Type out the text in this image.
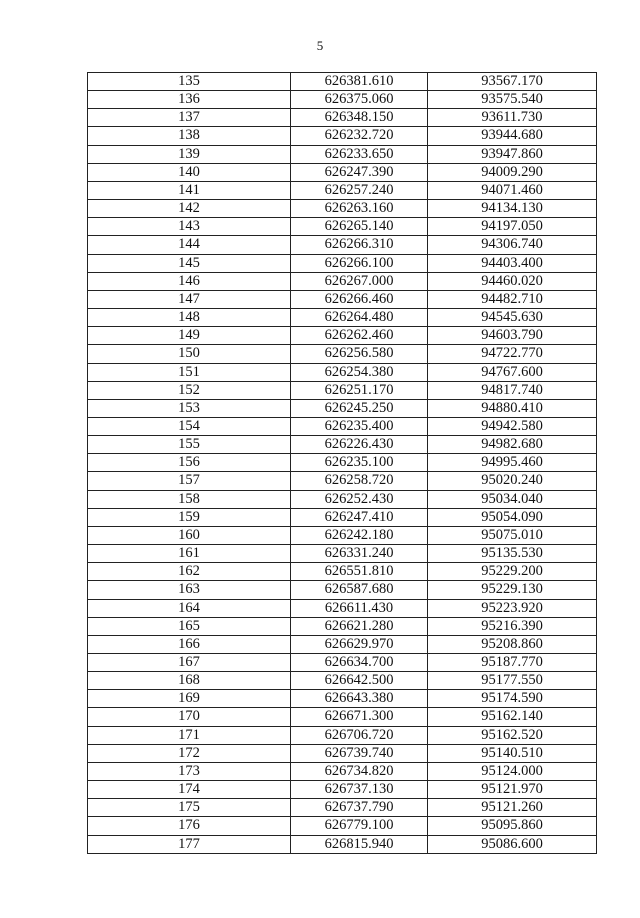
5
135	626381.610	93567.170
136	626375.060	93575.540
137	626348.150	93611.730
138	626232.720	93944.680
139	626233.650	93947.860
140	626247.390	94009.290
141	626257.240	94071.460
142	626263.160	94134.130
143	626265.140	94197.050
144	626266.310	94306.740
145	626266.100	94403.400
146	626267.000	94460.020
147	626266.460	94482.710
148	626264.480	94545.630
149	626262.460	94603.790
150	626256.580	94722.770
151	626254.380	94767.600
152	626251.170	94817.740
153	626245.250	94880.410
154	626235.400	94942.580
155	626226.430	94982.680
156	626235.100	94995.460
157	626258.720	95020.240
158	626252.430	95034.040
159	626247.410	95054.090
160	626242.180	95075.010
161	626331.240	95135.530
162	626551.810	95229.200
163	626587.680	95229.130
164	626611.430	95223.920
165	626621.280	95216.390
166	626629.970	95208.860
167	626634.700	95187.770
168	626642.500	95177.550
169	626643.380	95174.590
170	626671.300	95162.140
171	626706.720	95162.520
172	626739.740	95140.510
173	626734.820	95124.000
174	626737.130	95121.970
175	626737.790	95121.260
176	626779.100	95095.860
177	626815.940	95086.600
